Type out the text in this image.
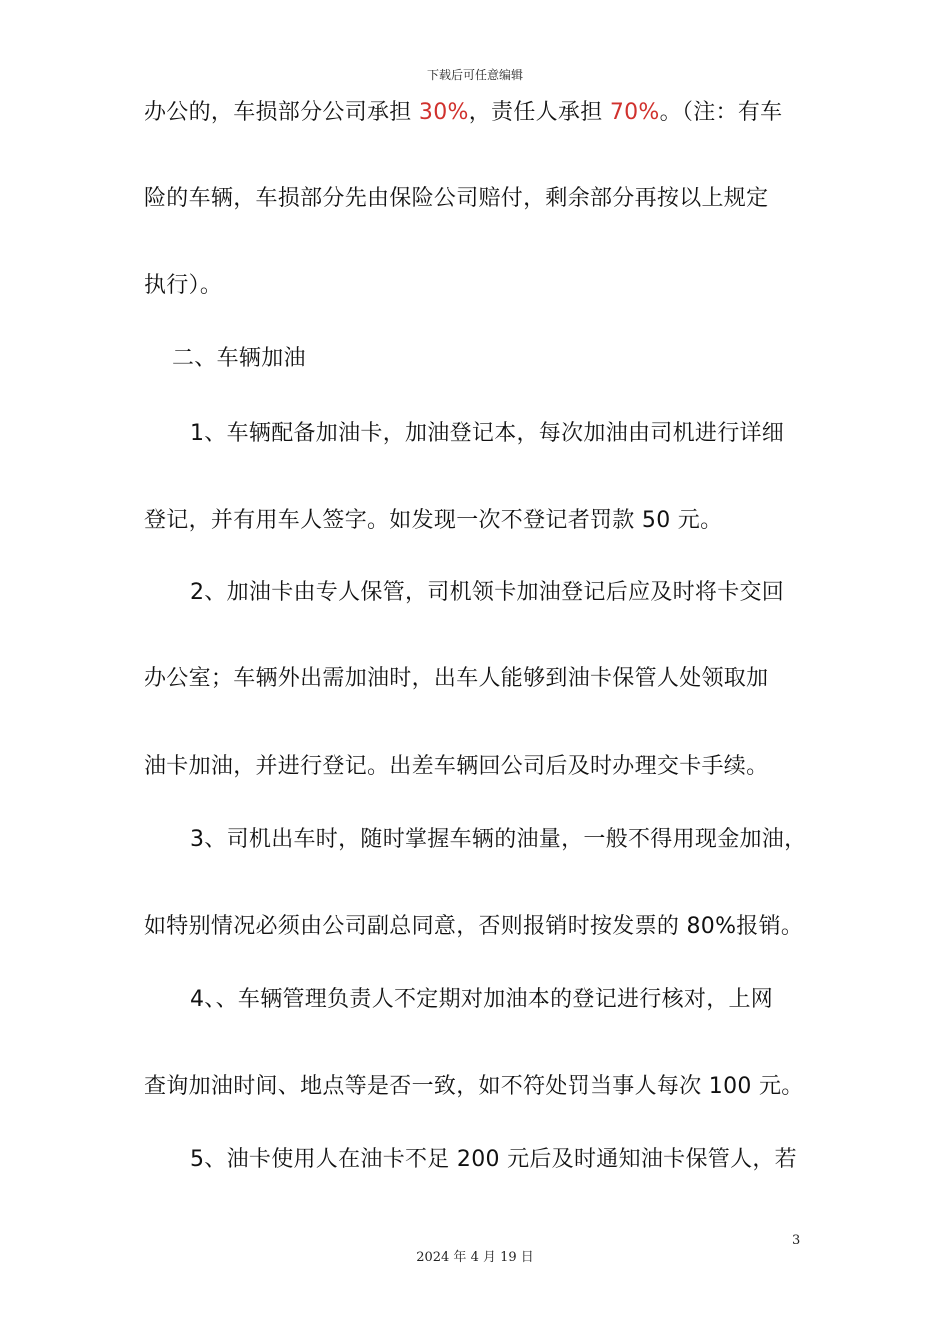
下载后可任意编辑
办公的，车损部分公司承担 30%，责任人承担 70%。（注：有车
险的车辆，车损部分先由保险公司赔付，剩余部分再按以上规定
执行）。
二、车辆加油
1、车辆配备加油卡，加油登记本，每次加油由司机进行详细
登记，并有用车人签字。如发现一次不登记者罚款 50 元。
2、加油卡由专人保管，司机领卡加油登记后应及时将卡交回
办公室；车辆外出需加油时，出车人能够到油卡保管人处领取加
油卡加油，并进行登记。出差车辆回公司后及时办理交卡手续。
3、司机出车时，随时掌握车辆的油量，一般不得用现金加油，
如特别情况必须由公司副总同意，否则报销时按发票的 80%报销。
4、、车辆管理负责人不定期对加油本的登记进行核对，上网
查询加油时间、地点等是否一致，如不符处罚当事人每次 100 元。
5、油卡使用人在油卡不足 200 元后及时通知油卡保管人，若
3
2024 年 4 月 19 日
